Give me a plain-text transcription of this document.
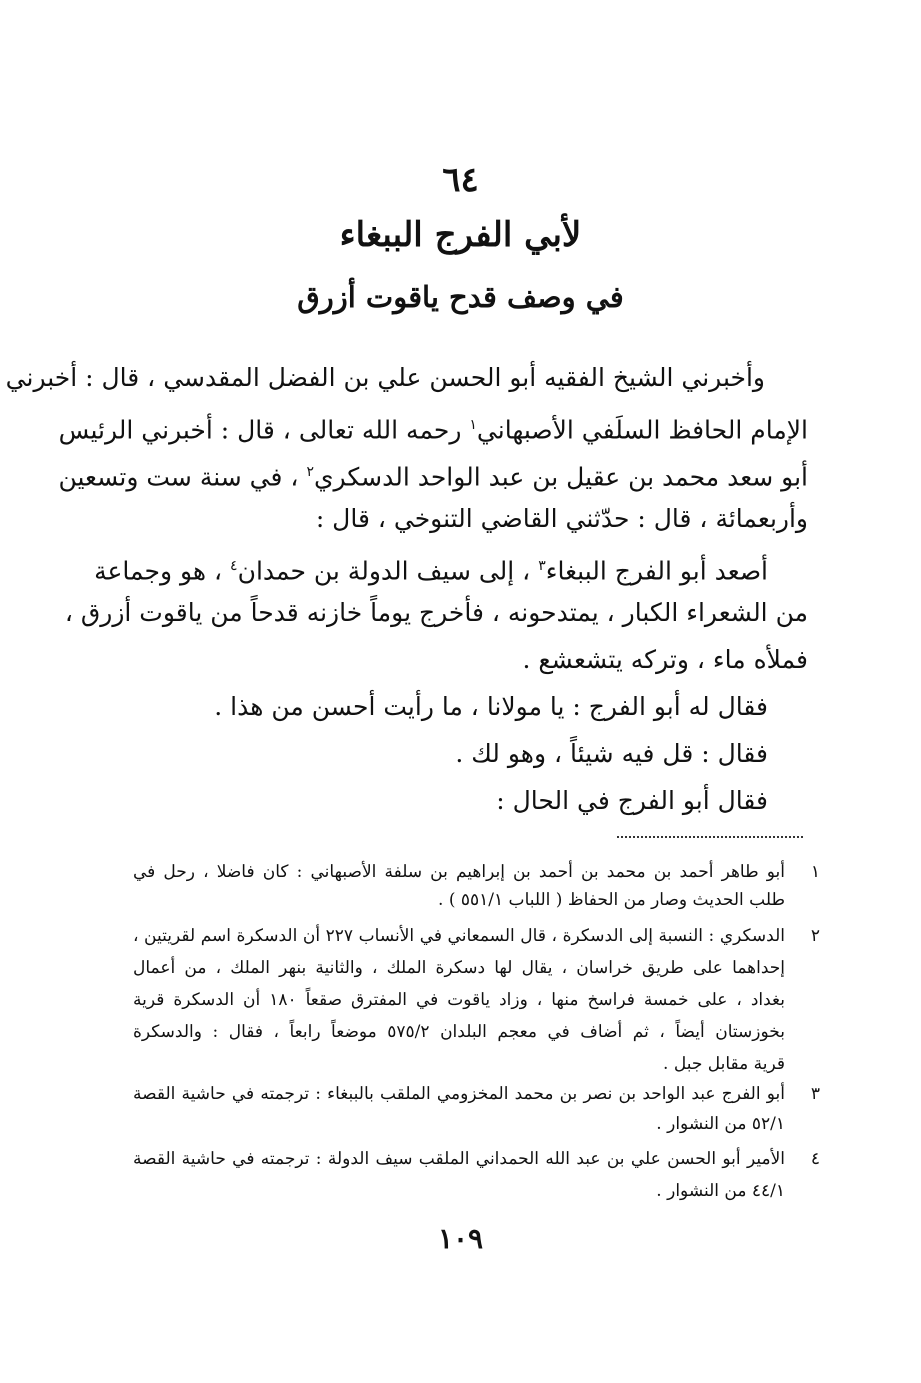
٦٤
لأبي الفرج الببغاء
في وصف قدح ياقوت أزرق
وأخبرني الشيخ الفقيه أبو الحسن علي بن الفضل المقدسي ، قال : أخبرني
الإمام الحافظ السلَفي الأصبهاني$^١$ رحمه الله تعالى ، قال : أخبرني الرئيس
أبو سعد محمد بن عقيل بن عبد الواحد الدسكري$^٢$ ، في سنة ست وتسعين
وأربعمائة ، قال : حدّثني القاضي التنوخي ، قال :
أصعد أبو الفرج الببغاء$^٣$ ، إلى سيف الدولة بن حمدان$^٤$ ، هو وجماعة
من الشعراء الكبار ، يمتدحونه ، فأخرج يوماً خازنه قدحاً من ياقوت أزرق ،
فملأه ماء ، وتركه يتشعشع .
فقال له أبو الفرج : يا مولانا ، ما رأيت أحسن من هذا .
فقال : قل فيه شيئاً ، وهو لك .
فقال أبو الفرج في الحال :
١
أبو طاهر أحمد بن محمد بن أحمد بن إبراهيم بن سلفة الأصبهاني : كان فاضلا ، رحل في
طلب الحديث وصار من الحفاظ ( اللباب ٥٥١/١ ) .
٢
الدسكري : النسبة إلى الدسكرة ، قال السمعاني في الأنساب ٢٢٧ أن الدسكرة اسم لقريتين ،
إحداهما على طريق خراسان ، يقال لها دسكرة الملك ، والثانية بنهر الملك ، من أعمال
بغداد ، على خمسة فراسخ منها ، وزاد ياقوت في المفترق صقعاً ١٨٠ أن الدسكرة قرية
بخوزستان أيضاً ، ثم أضاف في معجم البلدان ٥٧٥/٢ موضعاً رابعاً ، فقال : والدسكرة
قرية مقابل جبل .
٣
أبو الفرج عبد الواحد بن نصر بن محمد المخزومي الملقب بالببغاء : ترجمته في حاشية القصة
٥٢/١ من النشوار .
٤
الأمير أبو الحسن علي بن عبد الله الحمداني الملقب سيف الدولة : ترجمته في حاشية القصة
٤٤/١ من النشوار .
١٠٩
